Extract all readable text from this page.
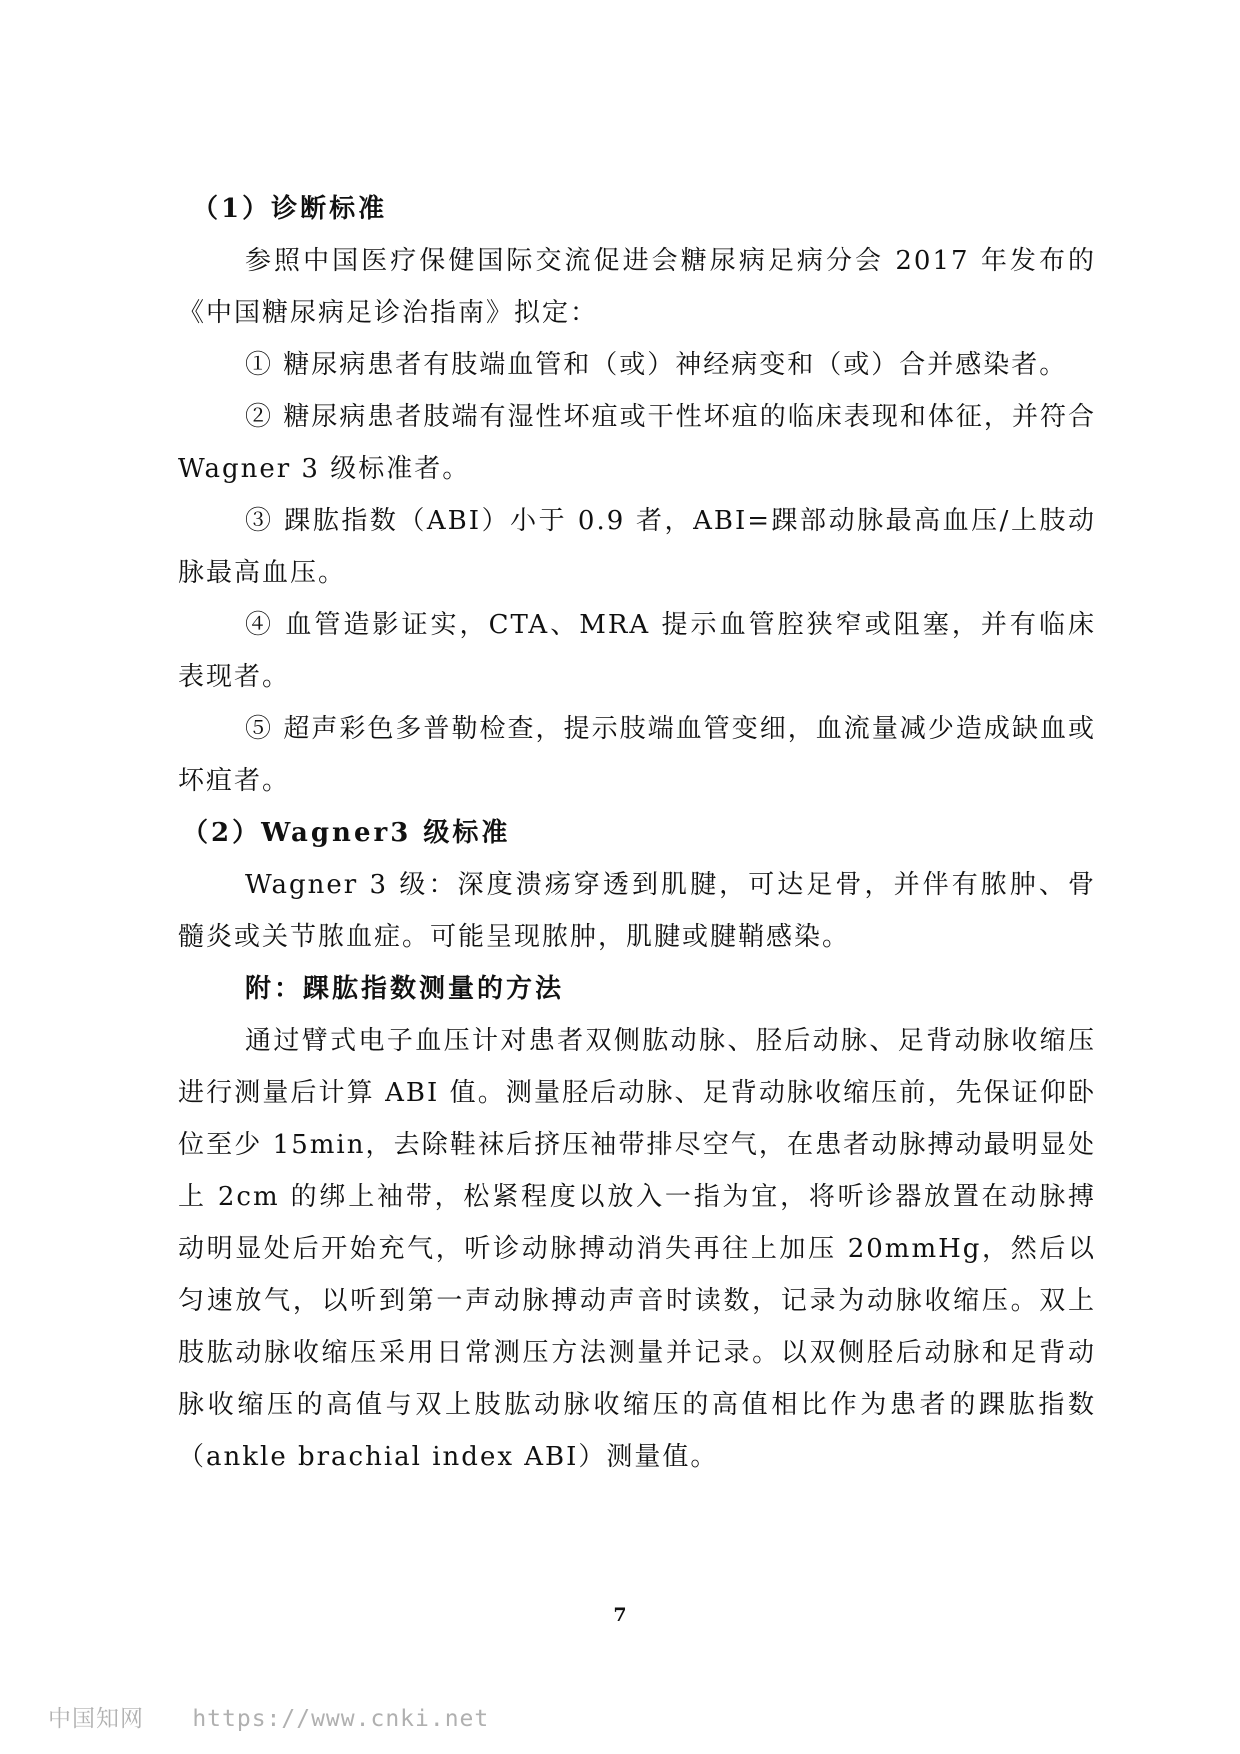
（1）诊断标准
参照中国医疗保健国际交流促进会糖尿病足病分会 2017 年发布的《中国糖尿病足诊治指南》拟定：
① 糖尿病患者有肢端血管和（或）神经病变和（或）合并感染者。
② 糖尿病患者肢端有湿性坏疽或干性坏疽的临床表现和体征，并符合 Wagner 3 级标准者。
③ 踝肱指数（ABI）小于 0.9 者，ABI=踝部动脉最高血压/上肢动脉最高血压。
④ 血管造影证实，CTA、MRA 提示血管腔狭窄或阻塞，并有临床表现者。
⑤ 超声彩色多普勒检查，提示肢端血管变细，血流量减少造成缺血或坏疽者。
（2）Wagner3 级标准
Wagner 3 级：深度溃疡穿透到肌腱，可达足骨，并伴有脓肿、骨髓炎或关节脓血症。可能呈现脓肿，肌腱或腱鞘感染。
附：踝肱指数测量的方法
通过臂式电子血压计对患者双侧肱动脉、胫后动脉、足背动脉收缩压进行测量后计算 ABI 值。测量胫后动脉、足背动脉收缩压前，先保证仰卧位至少 15min，去除鞋袜后挤压袖带排尽空气，在患者动脉搏动最明显处上 2cm 的绑上袖带，松紧程度以放入一指为宜，将听诊器放置在动脉搏动明显处后开始充气，听诊动脉搏动消失再往上加压 20mmHg，然后以匀速放气，以听到第一声动脉搏动声音时读数，记录为动脉收缩压。双上肢肱动脉收缩压采用日常测压方法测量并记录。以双侧胫后动脉和足背动脉收缩压的高值与双上肢肱动脉收缩压的高值相比作为患者的踝肱指数（ankle brachial index ABI）测量值。
7
中国知网 https://www.cnki.net
